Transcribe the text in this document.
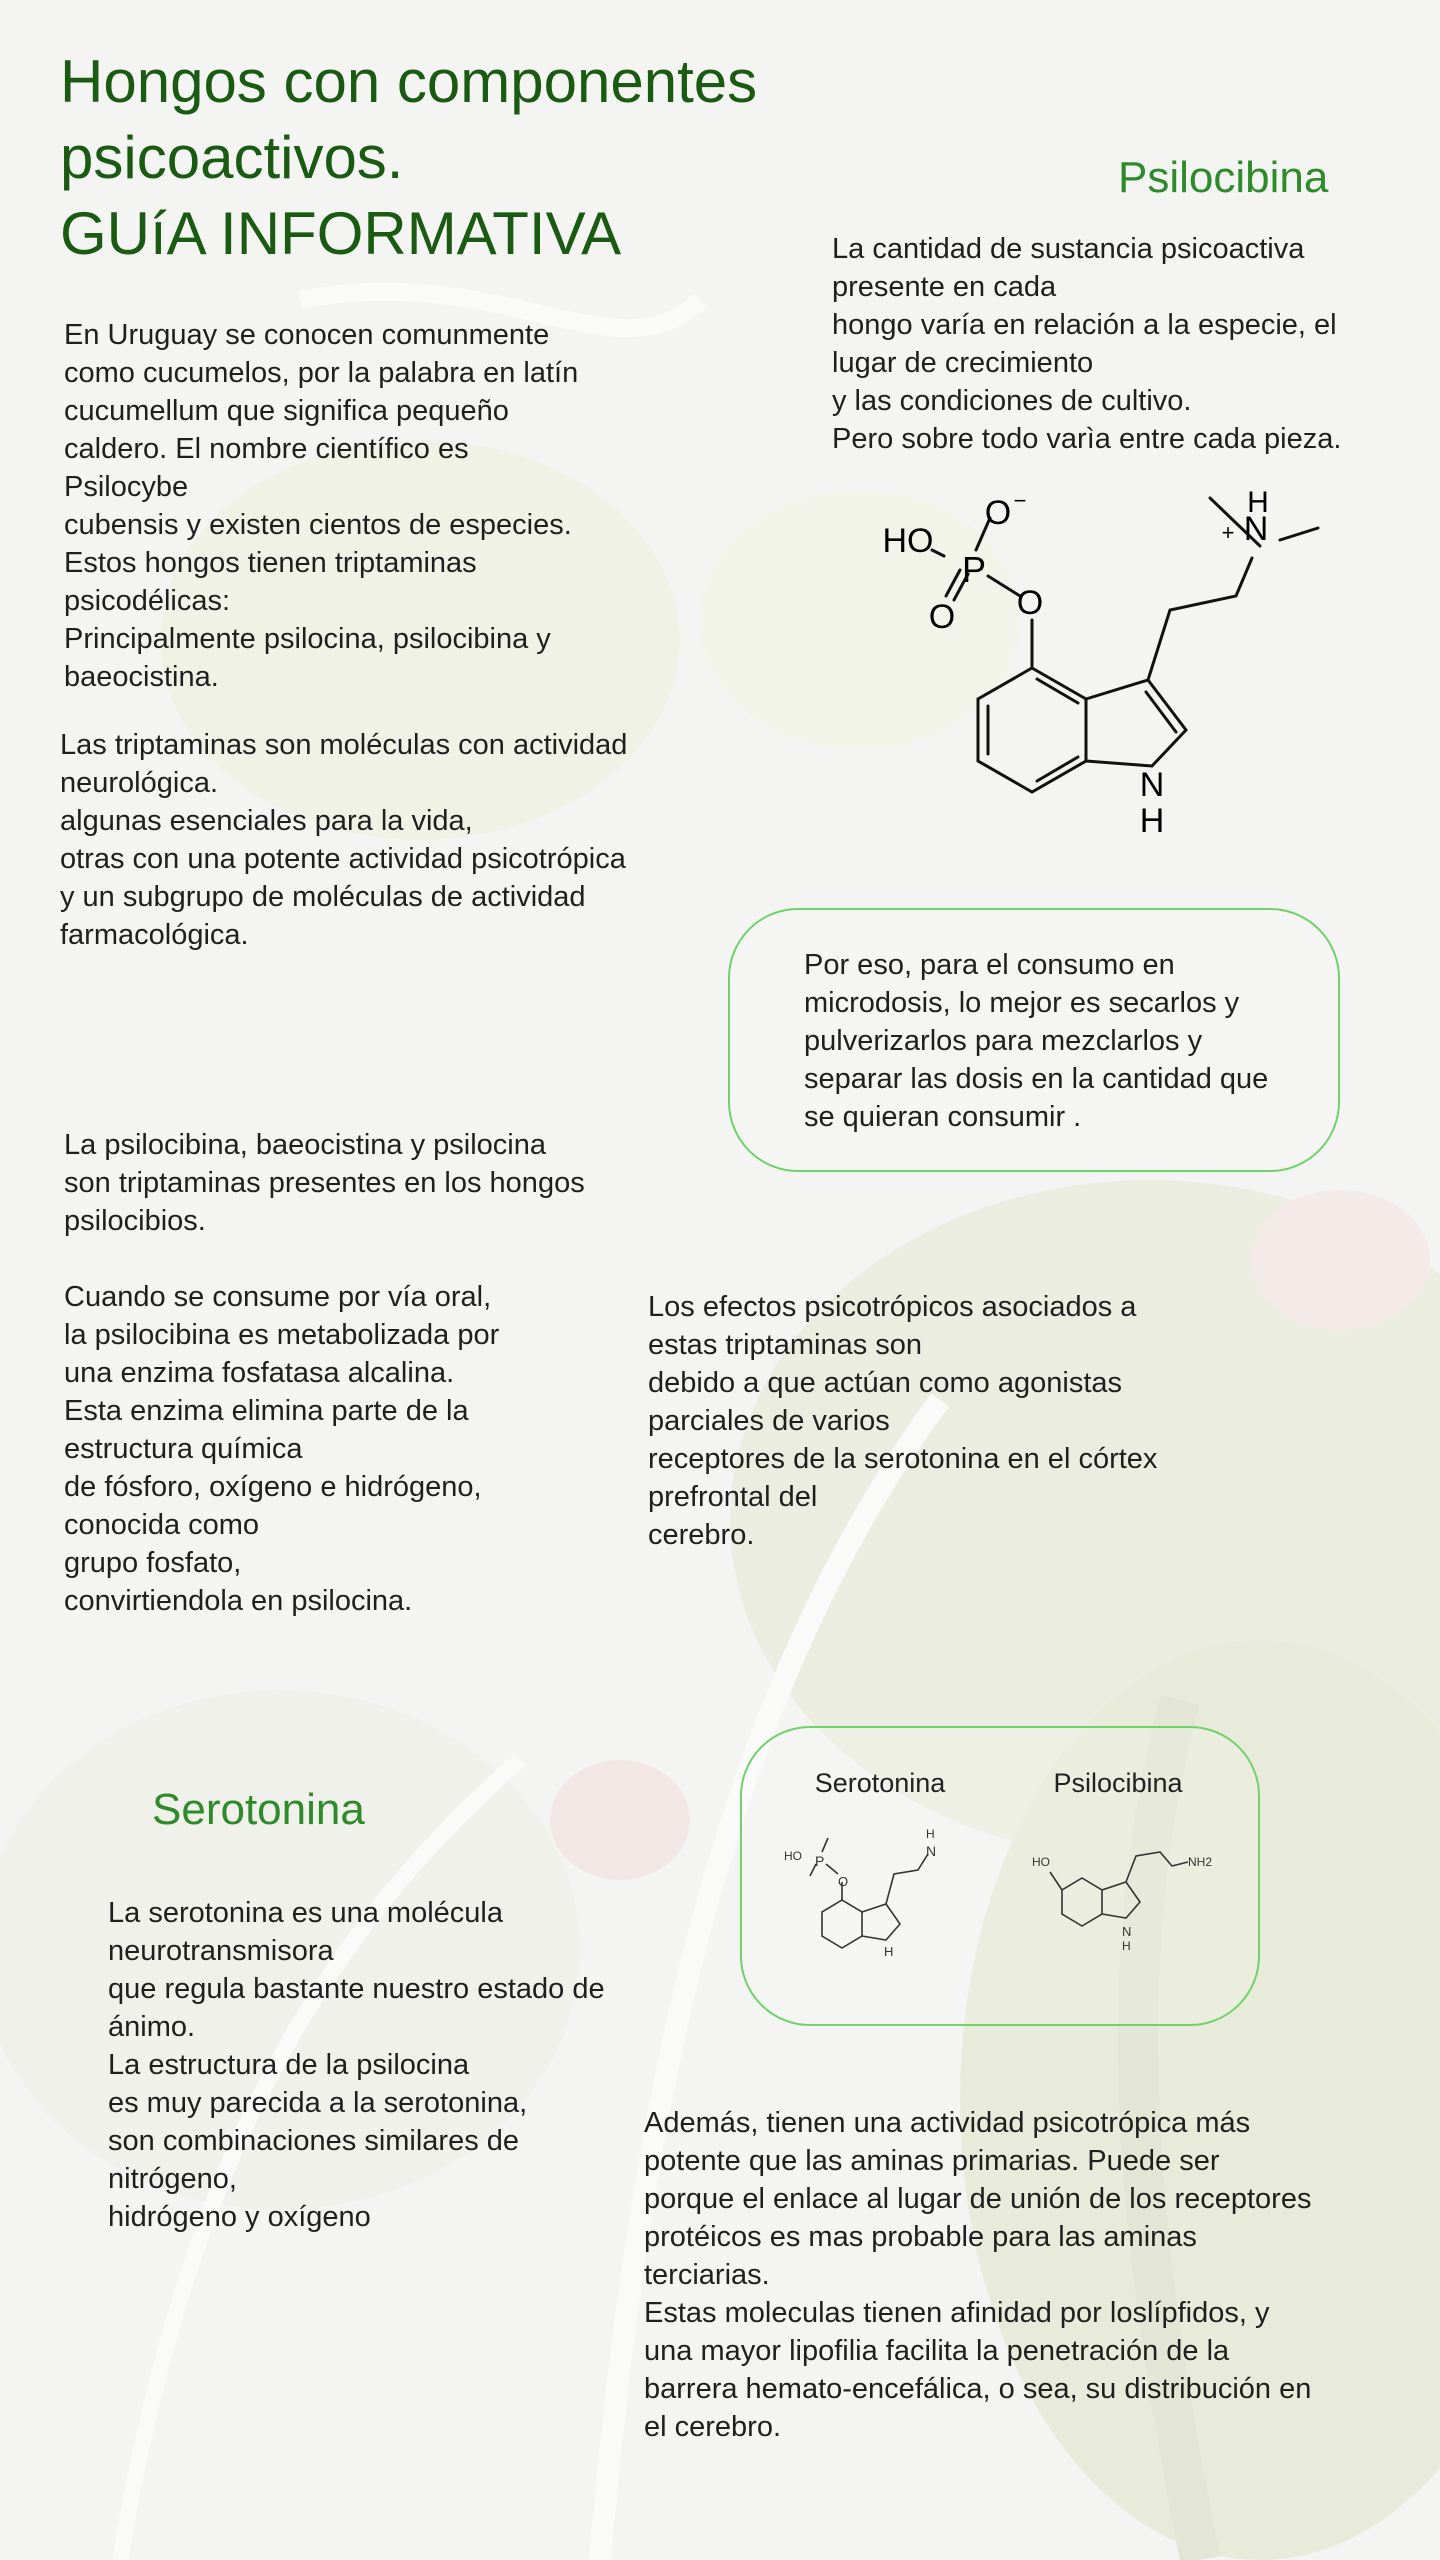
Hongos con componentes
psicoactivos.
GUíA INFORMATIVA
En Uruguay se conocen comunmente
como cucumelos, por la palabra en latín
cucumellum que significa pequeño
caldero. El nombre científico es
Psilocybe
cubensis y existen cientos de especies.
Estos hongos tienen triptaminas
psicodélicas:
Principalmente psilocina, psilocibina y
baeocistina.
Las triptaminas son moléculas con actividad
neurológica.
algunas esenciales para la vida,
otras con una potente actividad psicotrópica
y un subgrupo de moléculas de actividad
farmacológica.
Psilocibina
La cantidad de sustancia psicoactiva
presente en cada
hongo varía en relación a la especie, el
lugar de crecimiento
y las condiciones de cultivo.
Pero sobre todo varìa entre cada pieza.
O
P
O −
HO
O
N
H
N
H
+
Por eso, para el consumo en
microdosis, lo mejor es secarlos y
pulverizarlos para mezclarlos y
separar las dosis en la cantidad que
se quieran consumir .
La psilocibina, baeocistina y psilocina
son triptaminas presentes en los hongos
psilocibios.

Cuando se consume por vía oral,
la psilocibina es metabolizada por
una enzima fosfatasa alcalina.
Esta enzima elimina parte de la
estructura química
de fósforo, oxígeno e hidrógeno,
conocida como
grupo fosfato,
convirtiendola en psilocina.
Los efectos psicotrópicos asociados a
estas triptaminas son
debido a que actúan como agonistas
parciales de varios
receptores de la serotonina en el córtex
prefrontal del
cerebro.
Serotonina
La serotonina es una molécula
neurotransmisora
que regula bastante nuestro estado de
ánimo.
La estructura de la psilocina
es muy parecida a la serotonina,
son combinaciones similares de
nitrógeno,
hidrógeno y oxígeno
Serotonina	Psilocibina
HO P
O
N
H
H
HO	NH2
N
H
Además, tienen una actividad psicotrópica más
potente que las aminas primarias. Puede ser
porque el enlace al lugar de unión de los receptores
protéicos es mas probable para las aminas
terciarias.
Estas moleculas tienen afinidad por loslípfidos, y
una mayor lipofilia facilita la penetración de la
barrera hemato-encefálica, o sea, su distribución en
el cerebro.
